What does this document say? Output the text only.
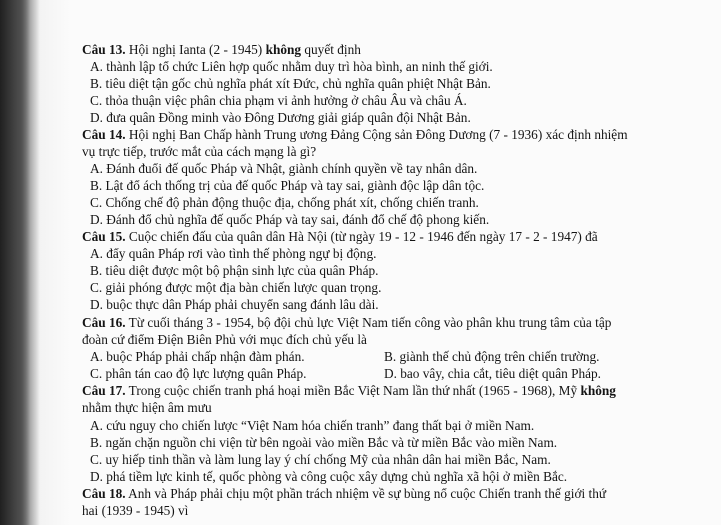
Câu 13. Hội nghị Ianta (2 - 1945) không quyết định
A. thành lập tổ chức Liên hợp quốc nhằm duy trì hòa bình, an ninh thế giới.
B. tiêu diệt tận gốc chủ nghĩa phát xít Đức, chủ nghĩa quân phiệt Nhật Bản.
C. thỏa thuận việc phân chia phạm vi ảnh hưởng ở châu Âu và châu Á.
D. đưa quân Đồng minh vào Đông Dương giải giáp quân đội Nhật Bản.
Câu 14. Hội nghị Ban Chấp hành Trung ương Đảng Cộng sản Đông Dương (7 - 1936) xác định nhiệm
vụ trực tiếp, trước mắt của cách mạng là gì?
A. Đánh đuổi đế quốc Pháp và Nhật, giành chính quyền về tay nhân dân.
B. Lật đổ ách thống trị của đế quốc Pháp và tay sai, giành độc lập dân tộc.
C. Chống chế độ phản động thuộc địa, chống phát xít, chống chiến tranh.
D. Đánh đổ chủ nghĩa đế quốc Pháp và tay sai, đánh đổ chế độ phong kiến.
Câu 15. Cuộc chiến đấu của quân dân Hà Nội (từ ngày 19 - 12 - 1946 đến ngày 17 - 2 - 1947) đã
A. đẩy quân Pháp rơi vào tình thế phòng ngự bị động.
B. tiêu diệt được một bộ phận sinh lực của quân Pháp.
C. giải phóng được một địa bàn chiến lược quan trọng.
D. buộc thực dân Pháp phải chuyển sang đánh lâu dài.
Câu 16. Từ cuối tháng 3 - 1954, bộ đội chủ lực Việt Nam tiến công vào phân khu trung tâm của tập
đoàn cứ điểm Điện Biên Phủ với mục đích chủ yếu là
A. buộc Pháp phải chấp nhận đàm phán.	B. giành thế chủ động trên chiến trường.
C. phân tán cao độ lực lượng quân Pháp.	D. bao vây, chia cắt, tiêu diệt quân Pháp.
Câu 17. Trong cuộc chiến tranh phá hoại miền Bắc Việt Nam lần thứ nhất (1965 - 1968), Mỹ không
nhằm thực hiện âm mưu
A. cứu nguy cho chiến lược “Việt Nam hóa chiến tranh” đang thất bại ở miền Nam.
B. ngăn chặn nguồn chi viện từ bên ngoài vào miền Bắc và từ miền Bắc vào miền Nam.
C. uy hiếp tinh thần và làm lung lay ý chí chống Mỹ của nhân dân hai miền Bắc, Nam.
D. phá tiềm lực kinh tế, quốc phòng và công cuộc xây dựng chủ nghĩa xã hội ở miền Bắc.
Câu 18. Anh và Pháp phải chịu một phần trách nhiệm về sự bùng nổ cuộc Chiến tranh thế giới thứ
hai (1939 - 1945) vì
